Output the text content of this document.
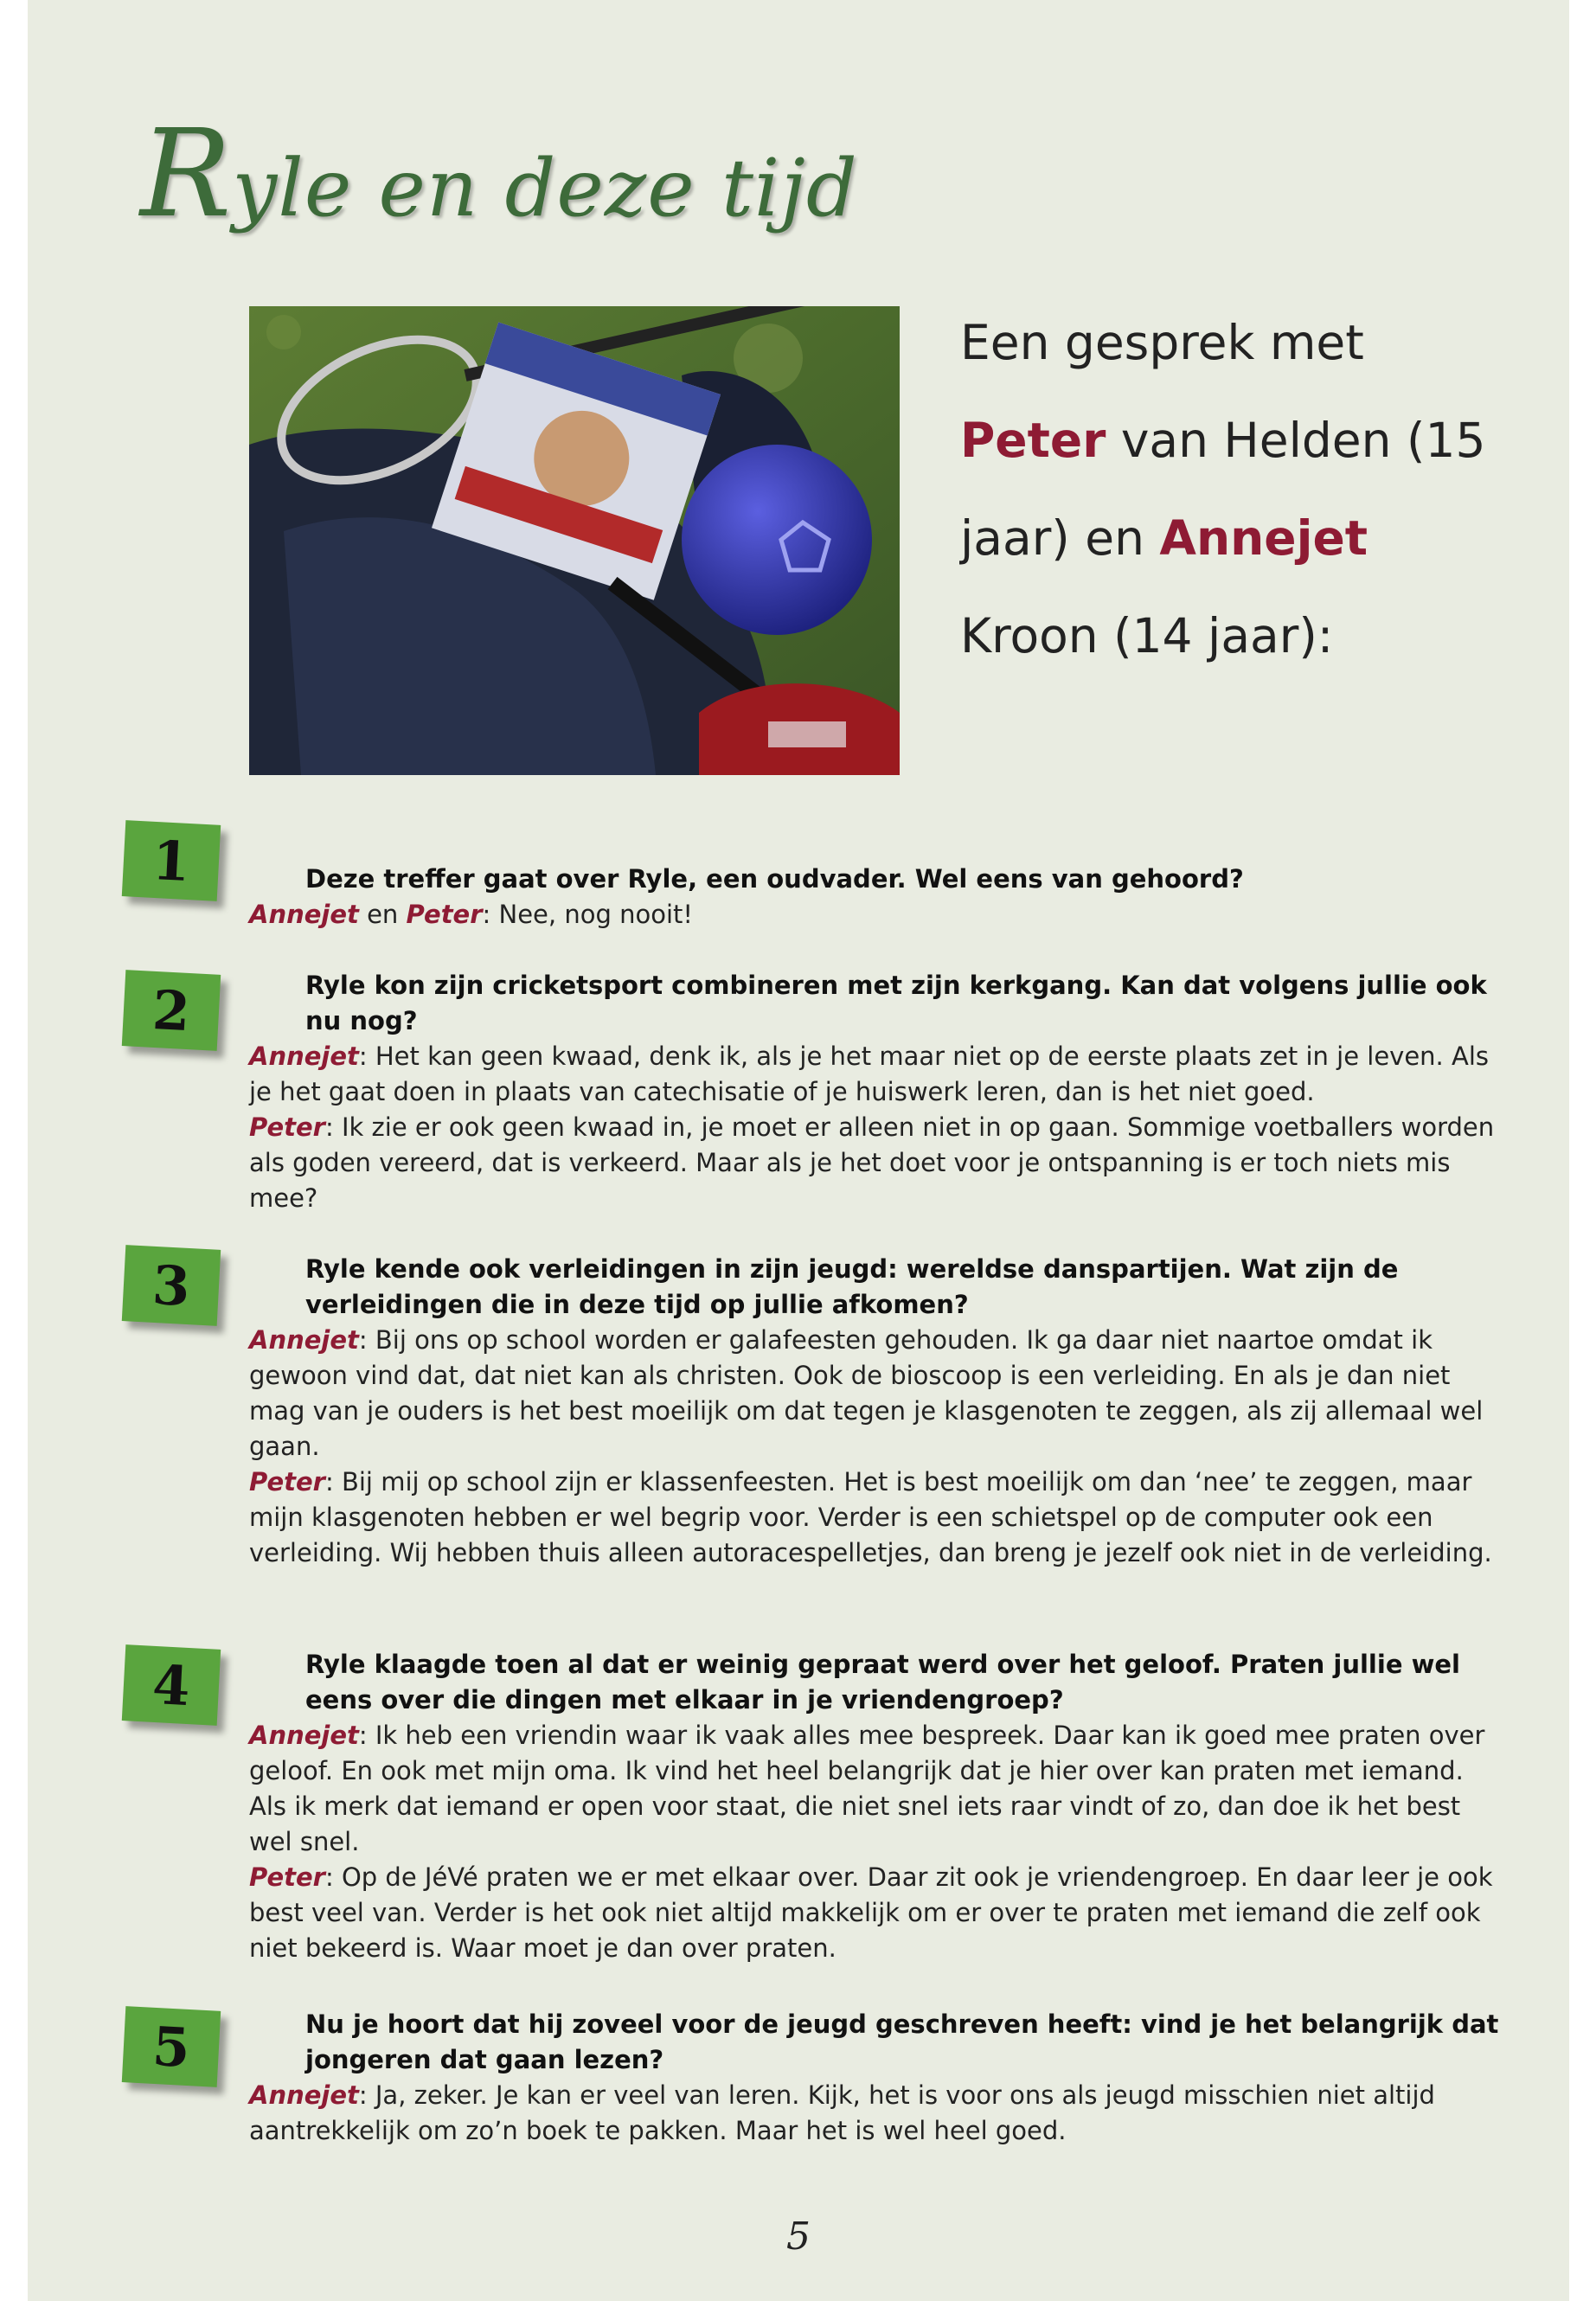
Ryle en deze tijd
Een gesprek met Peter van Helden (15 jaar) en Annejet Kroon (14 jaar):
1	Deze treffer gaat over Ryle, een oudvader. Wel eens van gehoord?

Annejet en Peter: Nee, nog nooit!

2	Ryle kon zijn cricketsport combineren met zijn kerkgang. Kan dat volgens jullie ook nu nog?

Annejet: Het kan geen kwaad, denk ik, als je het maar niet op de eerste plaats zet in je leven. Als je het gaat doen in plaats van catechisatie of je huiswerk leren, dan is het niet goed.

Peter: Ik zie er ook geen kwaad in, je moet er alleen niet in op gaan. Sommige voetballers worden als goden vereerd, dat is verkeerd. Maar als je het doet voor je ontspanning is er toch niets mis mee?

3	Ryle kende ook verleidingen in zijn jeugd: wereldse danspartijen. Wat zijn de verleidingen die in deze tijd op jullie afkomen?

Annejet: Bij ons op school worden er galafeesten gehouden. Ik ga daar niet naartoe omdat ik gewoon vind dat, dat niet kan als christen. Ook de bioscoop is een verleiding. En als je dan niet mag van je ouders is het best moeilijk om dat tegen je klasgenoten te zeggen, als zij allemaal wel gaan.

Peter: Bij mij op school zijn er klassenfeesten. Het is best moeilijk om dan ‘nee’ te zeggen, maar mijn klasgenoten hebben er wel begrip voor. Verder is een schietspel op de computer ook een verleiding. Wij hebben thuis alleen autoracespelletjes, dan breng je jezelf ook niet in de verleiding.

4	Ryle klaagde toen al dat er weinig gepraat werd over het geloof. Praten jullie wel eens over die dingen met elkaar in je vriendengroep?

Annejet: Ik heb een vriendin waar ik vaak alles mee bespreek. Daar kan ik goed mee praten over geloof. En ook met mijn oma. Ik vind het heel belangrijk dat je hier over kan praten met iemand. Als ik merk dat iemand er open voor staat, die niet snel iets raar vindt of zo, dan doe ik het best wel snel.

Peter: Op de JéVé praten we er met elkaar over. Daar zit ook je vriendengroep. En daar leer je ook best veel van. Verder is het ook niet altijd makkelijk om er over te praten met iemand die zelf ook niet bekeerd is. Waar moet je dan over praten.

5	Nu je hoort dat hij zoveel voor de jeugd geschreven heeft: vind je het belangrijk dat jongeren dat gaan lezen?

Annejet: Ja, zeker. Je kan er veel van leren. Kijk, het is voor ons als jeugd misschien niet altijd aantrekkelijk om zo’n boek te pakken. Maar het is wel heel goed.

5
